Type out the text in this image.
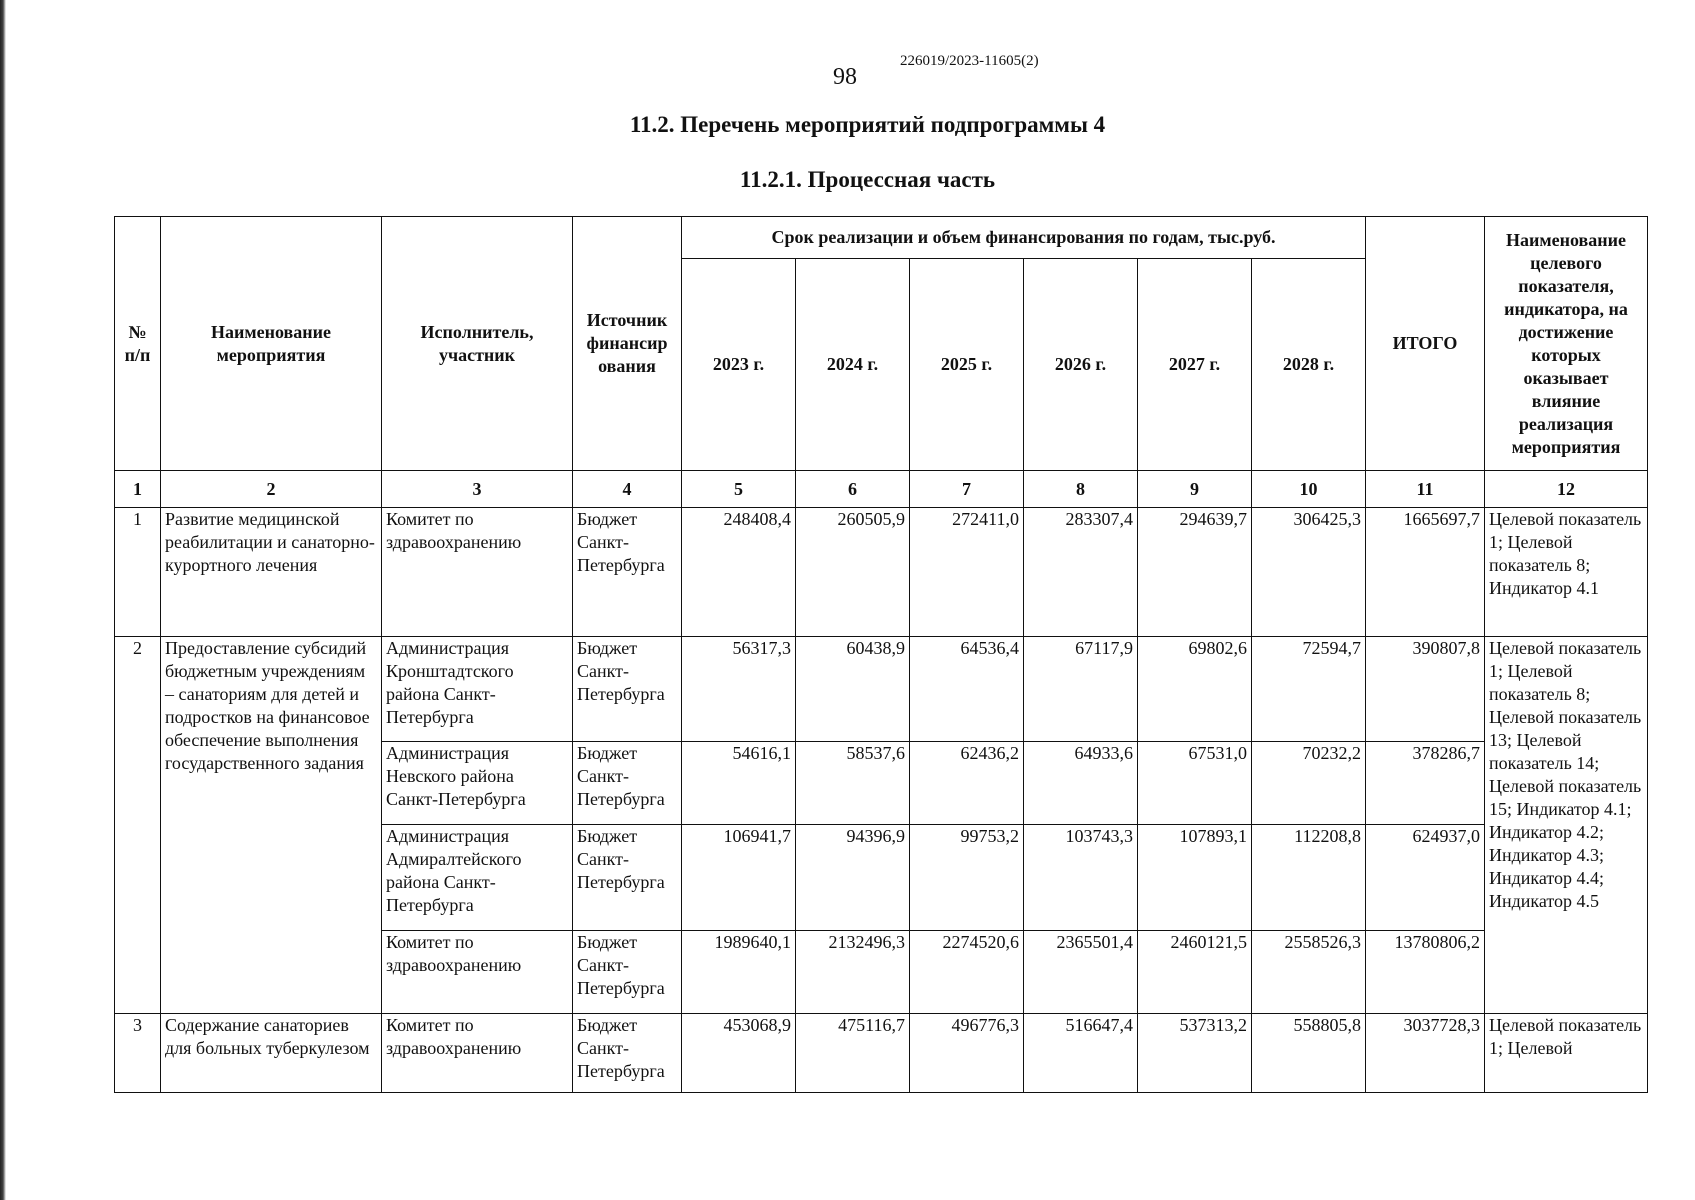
226019/2023-11605(2)
98
11.2. Перечень мероприятий подпрограммы 4
11.2.1. Процессная часть
№ п/п	Наименование мероприятия	Исполнитель, участник	Источник финансир ования	Срок реализации и объем финансирования по годам, тыс.руб.						ИТОГО	Наименование целевого показателя, индикатора, на достижение которых оказывает влияние реализация мероприятия
				2023 г.	2024 г.	2025 г.	2026 г.	2027 г.	2028 г.		
1	2	3	4	5	6	7	8	9	10	11	12
1	Развитие медицинской реабилитации и санаторно-курортного лечения	Комитет по здравоохранению	Бюджет Санкт-Петербурга	248408,4	260505,9	272411,0	283307,4	294639,7	306425,3	1665697,7	Целевой показатель 1; Целевой показатель 8; Индикатор 4.1
2	Предоставление субсидий бюджетным учреждениям – санаториям для детей и подростков на финансовое обеспечение выполнения государственного задания	Администрация Кронштадтского района Санкт-Петербурга	Бюджет Санкт-Петербурга	56317,3	60438,9	64536,4	67117,9	69802,6	72594,7	390807,8	Целевой показатель 1; Целевой показатель 8; Целевой показатель 13; Целевой показатель 14; Целевой показатель 15; Индикатор 4.1; Индикатор 4.2; Индикатор 4.3; Индикатор 4.4; Индикатор 4.5
		Администрация Невского района Санкт-Петербурга	Бюджет Санкт-Петербурга	54616,1	58537,6	62436,2	64933,6	67531,0	70232,2	378286,7	
		Администрация Адмиралтейского района Санкт-Петербурга	Бюджет Санкт-Петербурга	106941,7	94396,9	99753,2	103743,3	107893,1	112208,8	624937,0	
		Комитет по здравоохранению	Бюджет Санкт-Петербурга	1989640,1	2132496,3	2274520,6	2365501,4	2460121,5	2558526,3	13780806,2	
3	Содержание санаториев для больных туберкулезом	Комитет по здравоохранению	Бюджет Санкт-Петербурга	453068,9	475116,7	496776,3	516647,4	537313,2	558805,8	3037728,3	Целевой показатель 1; Целевой
